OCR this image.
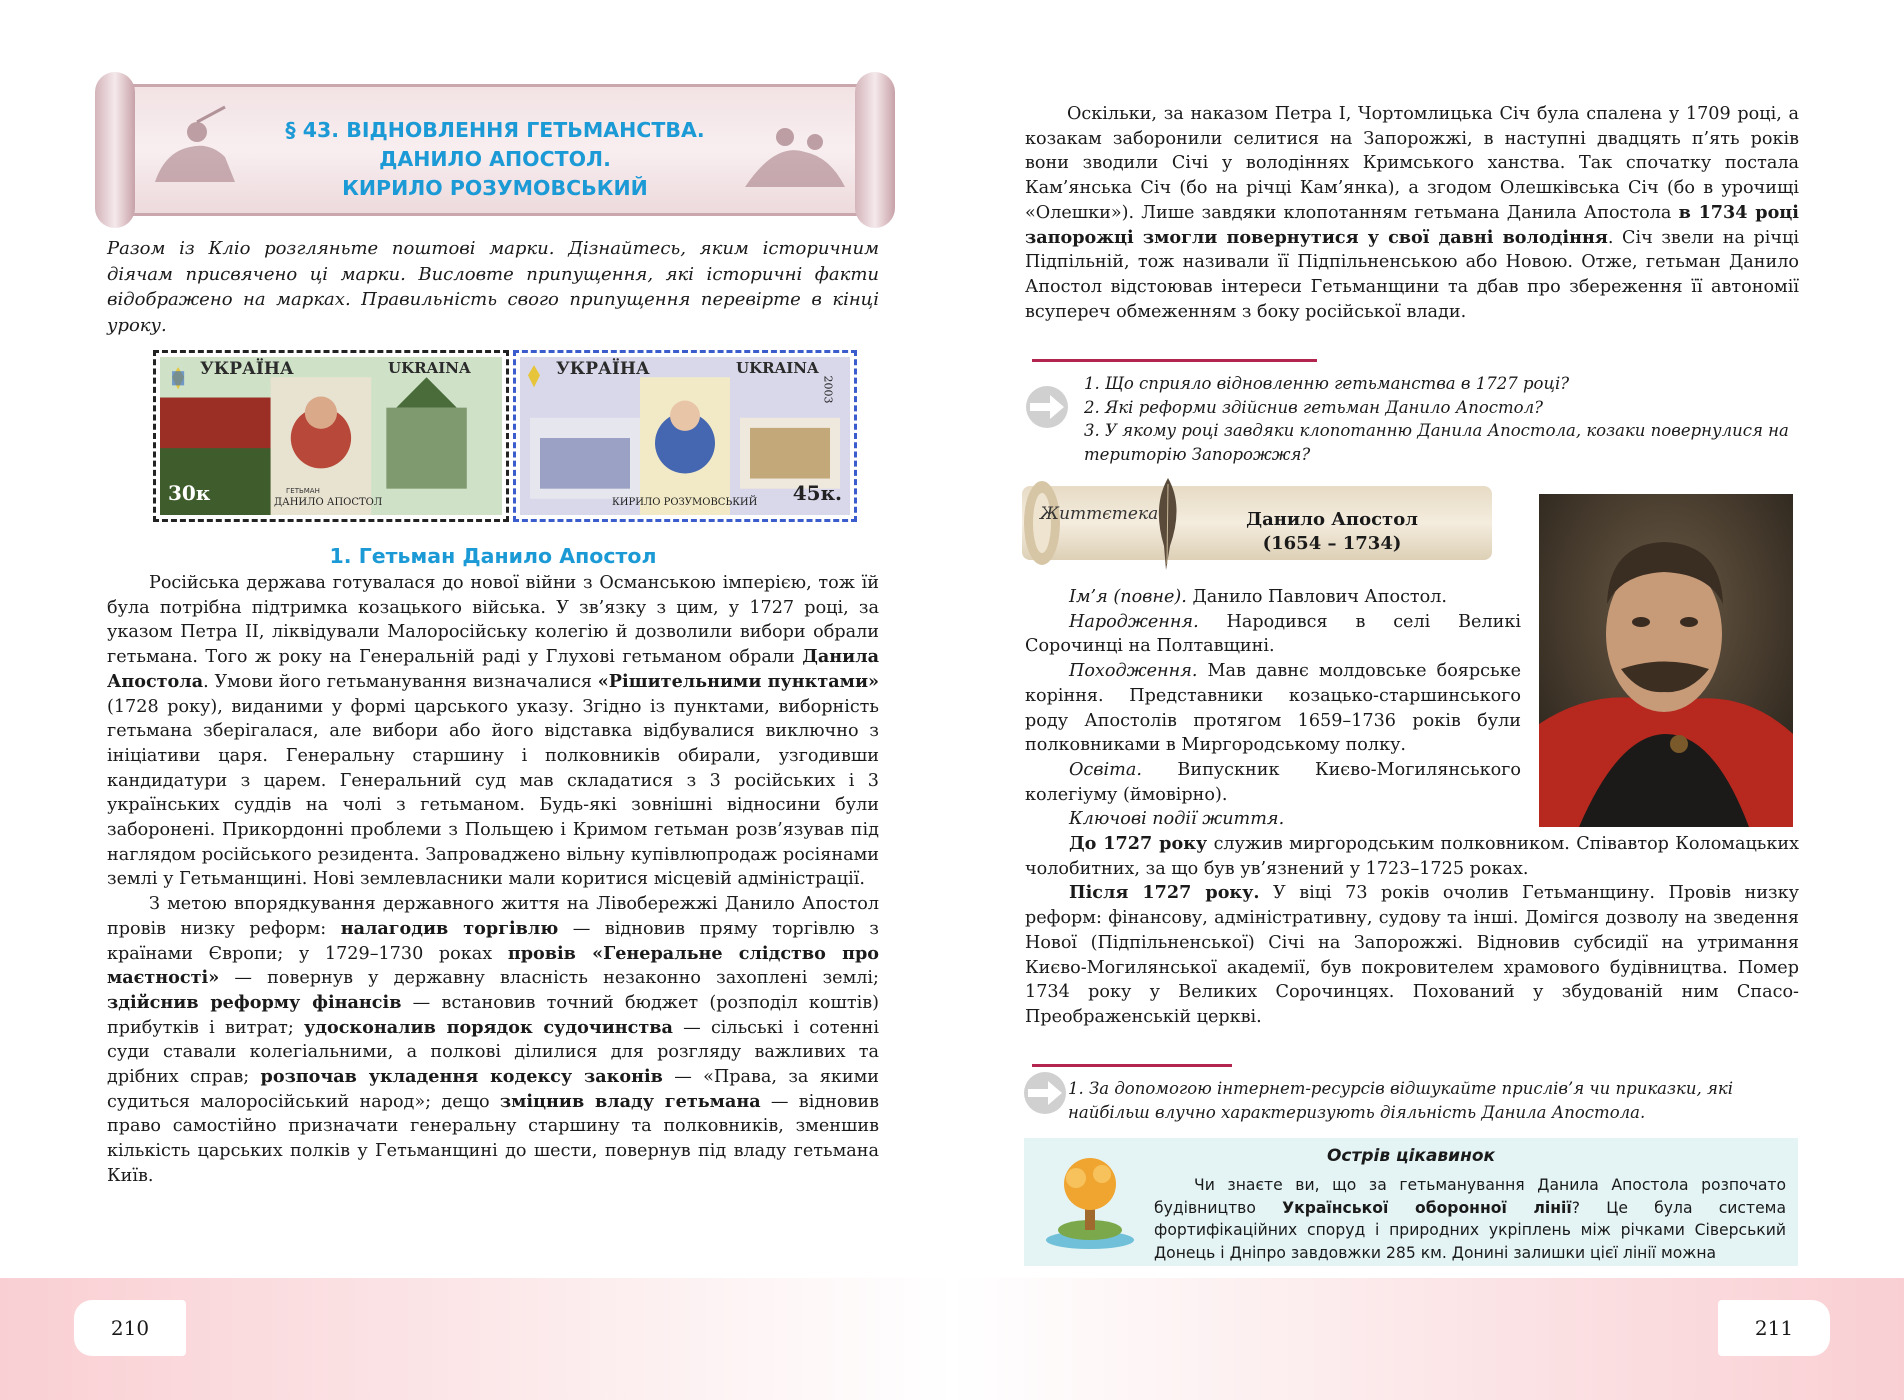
210
§ 43. ВІДНОВЛЕННЯ ГЕТЬМАНСТВА.
ДАНИЛО АПОСТОЛ.
КИРИЛО РОЗУМОВСЬКИЙ
Разом із Кліо розгляньте поштові марки. Дізнайтесь, яким історичним діячам присвячено ці марки. Висловте припущення, які історичні факти відображено на марках. Правильність свого припущення перевірте в кінці уроку.
УКРАЇНА	UKRAINA
30к	ГЕТЬМАН
ДАНИЛО АПОСТОЛ
УКРАЇНА	UKRAINA
2003
45к.
КИРИЛО РОЗУМОВСЬКИЙ
1. Гетьман Данило Апостол

Російська держава готувалася до нової війни з Османською імперією, тож їй була потрібна підтримка козацького війська. У зв’язку з цим, у 1727 році, за указом Петра ІІ, ліквідували Малоросійську колегію й дозволили вибори обрали гетьмана. Того ж року на Генеральній раді у Глухові гетьманом обрали Данила Апостола. Умови його гетьманування визначалися «Рішительними пунктами» (1728 року), виданими у формі царського указу. Згідно із пунктами, виборність гетьмана зберігалася, але вибори або його відставка відбувалися виключно з ініціативи царя. Генеральну старшину і полковників обирали, узгодивши кандидатури з царем. Генеральний суд мав складатися з 3 російських і 3 українських суддів на чолі з гетьманом. Будь-які зовнішні відносини були заборонені. Прикордонні проблеми з Польщею і Кримом гетьман розв’язував під наглядом російського резидента. Запроваджено вільну купівлюпродаж росіянами землі у Гетьманщині. Нові землевласники мали коритися місцевій адміністрації.

З метою впорядкування державного життя на Лівобережжі Данило Апостол провів низку реформ: налагодив торгівлю — відновив пряму торгівлю з країнами Європи; у 1729–1730 роках провів «Генеральне слідство про маєтності» — повернув у державну власність незаконно захоплені землі; здійснив реформу фінансів — встановив точний бюджет (розподіл коштів) прибутків і витрат; удосконалив порядок судочинства — сільські і сотенні суди ставали колегіальними, а полкові ділилися для розгляду важливих та дрібних справ; розпочав укладення кодексу законів — «Права, за якими судиться малоросійський народ»; дещо зміцнив владу гетьмана — відновив право самостійно призначати генеральну старшину та полковників, зменшив кількість царських полків у Гетьманщині до шести, повернув під владу гетьмана Київ.

211

Оскільки, за наказом Петра І, Чортомлицька Січ була спалена у 1709 році, а козакам заборонили селитися на Запорожжі, в наступні двадцять п’ять років вони зводили Січі у володіннях Кримського ханства. Так спочатку постала Кам’янська Січ (бо на річці Кам’янка), а згодом Олешківська Січ (бо в урочищі «Олешки»). Лише завдяки клопотанням гетьмана Данила Апостола в 1734 році запорожці змогли повернутися у свої давні володіння. Січ звели на річці Підпільній, тож називали її Підпільненською або Новою. Отже, гетьман Данило Апостол відстоював інтереси Гетьманщини та дбав про збереження її автономії всупереч обмеженням з боку російської влади.

1. Що сприяло відновленню гетьманства в 1727 році?
2. Які реформи здійснив гетьман Данило Апостол?
3. У якому році завдяки клопотанню Данила Апостола, козаки повернулися на територію Запорожжя?
Життєтека	Данило Апостол
(1654 – 1734)

Ім’я (повне). Данило Павлович Апостол.

Народження. Народився в селі Великі Сорочинці на Полтавщині.

Походження. Мав давнє молдовське боярське коріння. Представники козацько-старшинського роду Апостолів протягом 1659–1736 років були полковниками в Миргородському полку.

Освіта. Випускник Києво-Могилянського колегіуму (ймовірно).

Ключові події життя.

До 1727 року служив миргородським полковником. Співавтор Коломацьких чолобитних, за що був ув’язнений у 1723–1725 роках.

Після 1727 року. У віці 73 років очолив Гетьманщину. Провів низку реформ: фінансову, адміністративну, судову та інші. Домігся дозволу на зведення Нової (Підпільненської) Січі на Запорожжі. Відновив субсидії на утримання Києво-Могилянської академії, був покровителем храмового будівництва. Помер 1734 року у Великих Сорочинцях. Похований у збудованій ним Спасо-Преображенській церкві.

1. За допомогою інтернет-ресурсів відшукайте прислів’я чи приказки, які найбільш влучно характеризують діяльність Данила Апостола.
Острів цікавинок
Чи знаєте ви, що за гетьманування Данила Апостола розпочато будівництво Української оборонної лінії? Це була система фортифікаційних споруд і природних укріплень між річками Сіверський Донець і Дніпро завдовжки 285 км. Донині залишки цієї лінії можна
